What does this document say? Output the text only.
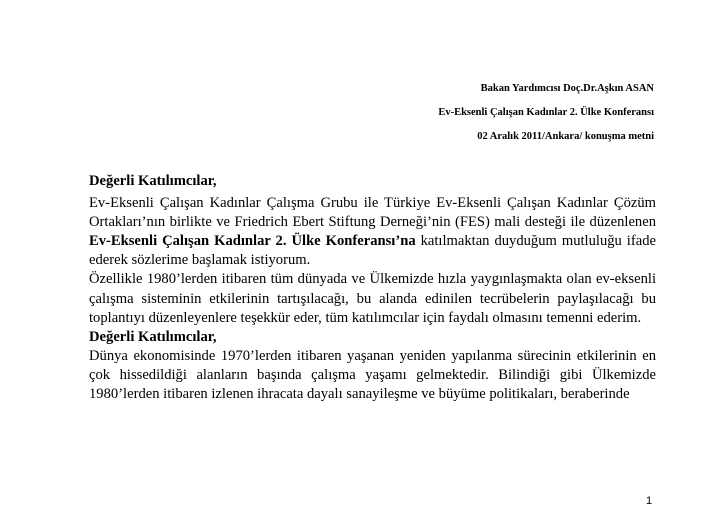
Bakan Yardımcısı Doç.Dr.Aşkın ASAN
Ev-Eksenli Çalışan Kadınlar 2. Ülke Konferansı
02 Aralık 2011/Ankara/ konuşma metni

Değerli Katılımcılar,

Ev-Eksenli Çalışan Kadınlar Çalışma Grubu ile Türkiye Ev-Eksenli Çalışan Kadınlar Çözüm Ortakları’nın birlikte ve Friedrich Ebert Stiftung Derneği’nin (FES) mali desteği ile düzenlenen Ev-Eksenli Çalışan Kadınlar 2. Ülke Konferansı’na katılmaktan duyduğum mutluluğu ifade ederek sözlerime başlamak istiyorum.

Özellikle 1980’lerden itibaren tüm dünyada ve Ülkemizde hızla yaygınlaşmakta olan ev-eksenli çalışma sisteminin etkilerinin tartışılacağı, bu alanda edinilen tecrübelerin paylaşılacağı bu toplantıyı düzenleyenlere teşekkür eder, tüm katılımcılar için faydalı olmasını temenni ederim.

Değerli Katılımcılar,

Dünya ekonomisinde 1970’lerden itibaren yaşanan yeniden yapılanma sürecinin etkilerinin en çok hissedildiği alanların başında çalışma yaşamı gelmektedir. Bilindiği gibi Ülkemizde 1980’lerden itibaren izlenen ihracata dayalı sanayileşme ve büyüme politikaları, beraberinde

1
